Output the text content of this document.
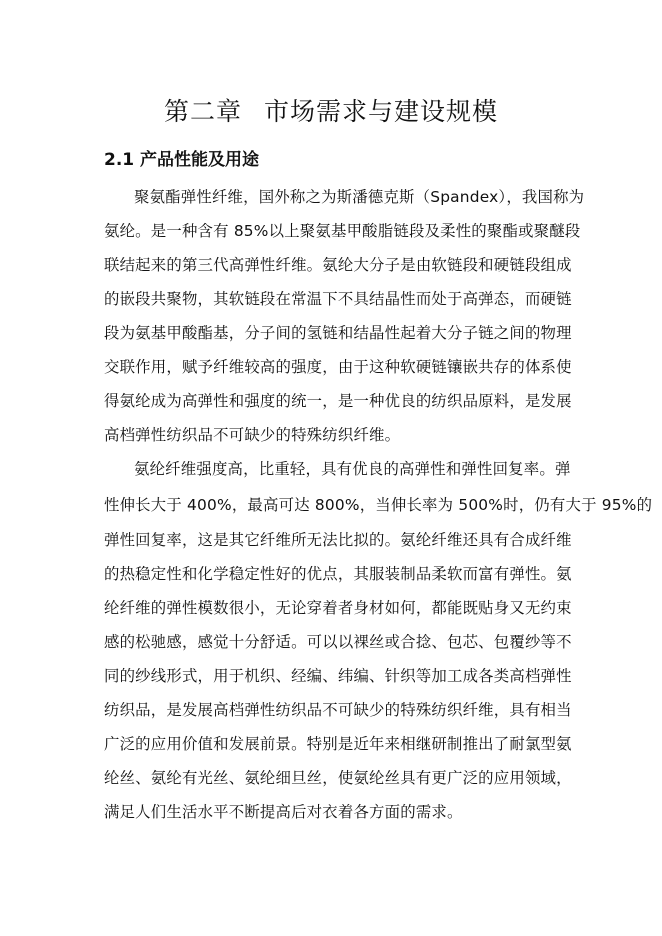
第二章 市场需求与建设规模
2.1 产品性能及用途
聚氨酯弹性纤维，国外称之为斯潘德克斯（Spandex），我国称为
氨纶。是一种含有 85%以上聚氨基甲酸脂链段及柔性的聚酯或聚醚段
联结起来的第三代高弹性纤维。氨纶大分子是由软链段和硬链段组成
的嵌段共聚物，其软链段在常温下不具结晶性而处于高弹态，而硬链
段为氨基甲酸酯基，分子间的氢链和结晶性起着大分子链之间的物理
交联作用，赋予纤维较高的强度，由于这种软硬链镶嵌共存的体系使
得氨纶成为高弹性和强度的统一，是一种优良的纺织品原料，是发展
高档弹性纺织品不可缺少的特殊纺织纤维。
氨纶纤维强度高，比重轻，具有优良的高弹性和弹性回复率。弹
性伸长大于 400%，最高可达 800%，当伸长率为 500%时，仍有大于 95%的
弹性回复率，这是其它纤维所无法比拟的。氨纶纤维还具有合成纤维
的热稳定性和化学稳定性好的优点，其服装制品柔软而富有弹性。氨
纶纤维的弹性模数很小，无论穿着者身材如何，都能既贴身又无约束
感的松驰感，感觉十分舒适。可以以裸丝或合捻、包芯、包覆纱等不
同的纱线形式，用于机织、经编、纬编、针织等加工成各类高档弹性
纺织品，是发展高档弹性纺织品不可缺少的特殊纺织纤维，具有相当
广泛的应用价值和发展前景。特别是近年来相继研制推出了耐氯型氨
纶丝、氨纶有光丝、氨纶细旦丝，使氨纶丝具有更广泛的应用领域，
满足人们生活水平不断提高后对衣着各方面的需求。
